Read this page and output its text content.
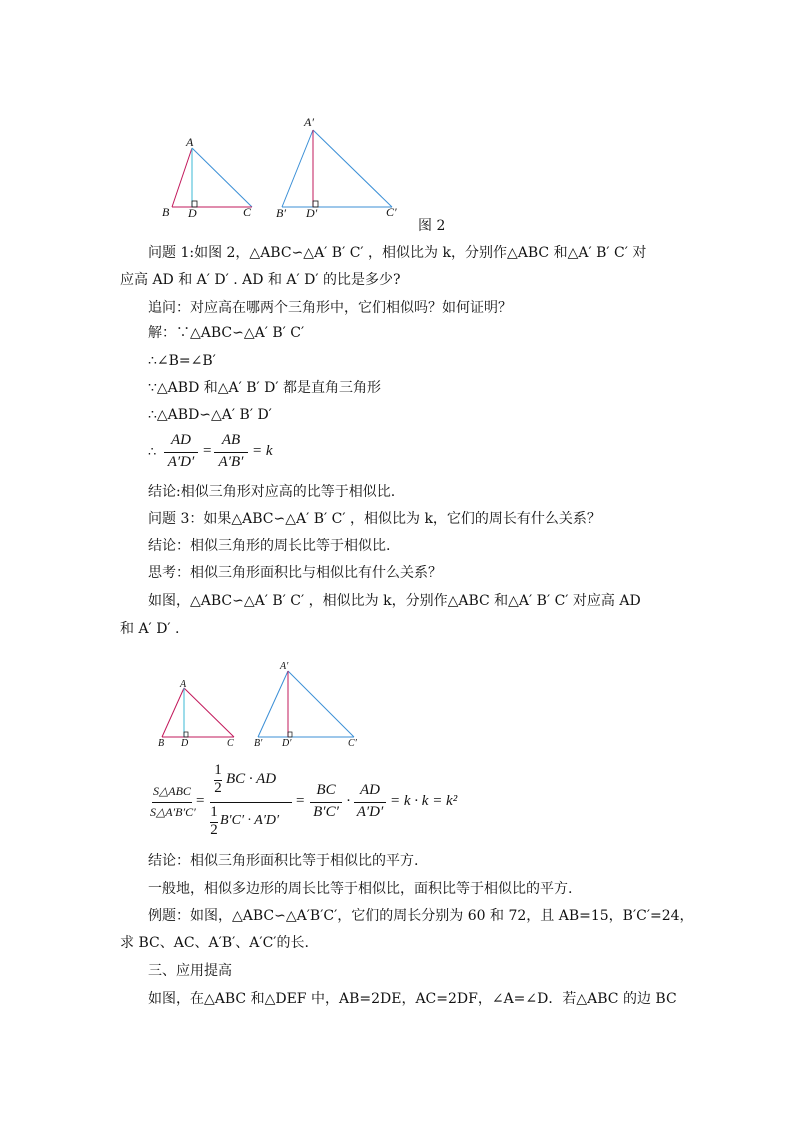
A
B D	C
A′
B′ D′	C′
图 2
问题 1:如图 2，△ABC∽△A′ B′ C′ ，相似比为 k，分别作△ABC 和△A′ B′ C′ 对
应高 AD 和 A′ D′ . AD 和 A′ D′ 的比是多少?
追问：对应高在哪两个三角形中，它们相似吗？如何证明？
解：∵△ABC∽△A′ B′ C′
∴∠B=∠B′
∵△ABD 和△A′ B′ D′ 都是直角三角形
∴△ABD∽△A′ B′ D′
∴
AD
A′D′
=
AB
A′B′
= k
结论:相似三角形对应高的比等于相似比.
问题 3：如果△ABC∽△A′ B′ C′ ，相似比为 k，它们的周长有什么关系？
结论：相似三角形的周长比等于相似比.
思考：相似三角形面积比与相似比有什么关系？
如图，△ABC∽△A′ B′ C′ ，相似比为 k，分别作△ABC 和△A′ B′ C′ 对应高 AD
和 A′ D′ .
A
B D	C
A′
B′ D′	C′
S△ABC
S△A′B′C′
=
1
2
BC · AD
1
2
B′C′ · A′D′
=
BC
B′C′
·
AD
A′D′
= k · k = k²
结论：相似三角形面积比等于相似比的平方.
一般地，相似多边形的周长比等于相似比，面积比等于相似比的平方.
例题：如图，△ABC∽△A′B′C′，它们的周长分别为 60 和 72，且 AB=15，B′C′=24，
求 BC、AC、A′B′、A′C′的长.
三、应用提高
如图，在△ABC 和△DEF 中，AB=2DE，AC=2DF，∠A=∠D．若△ABC 的边 BC
